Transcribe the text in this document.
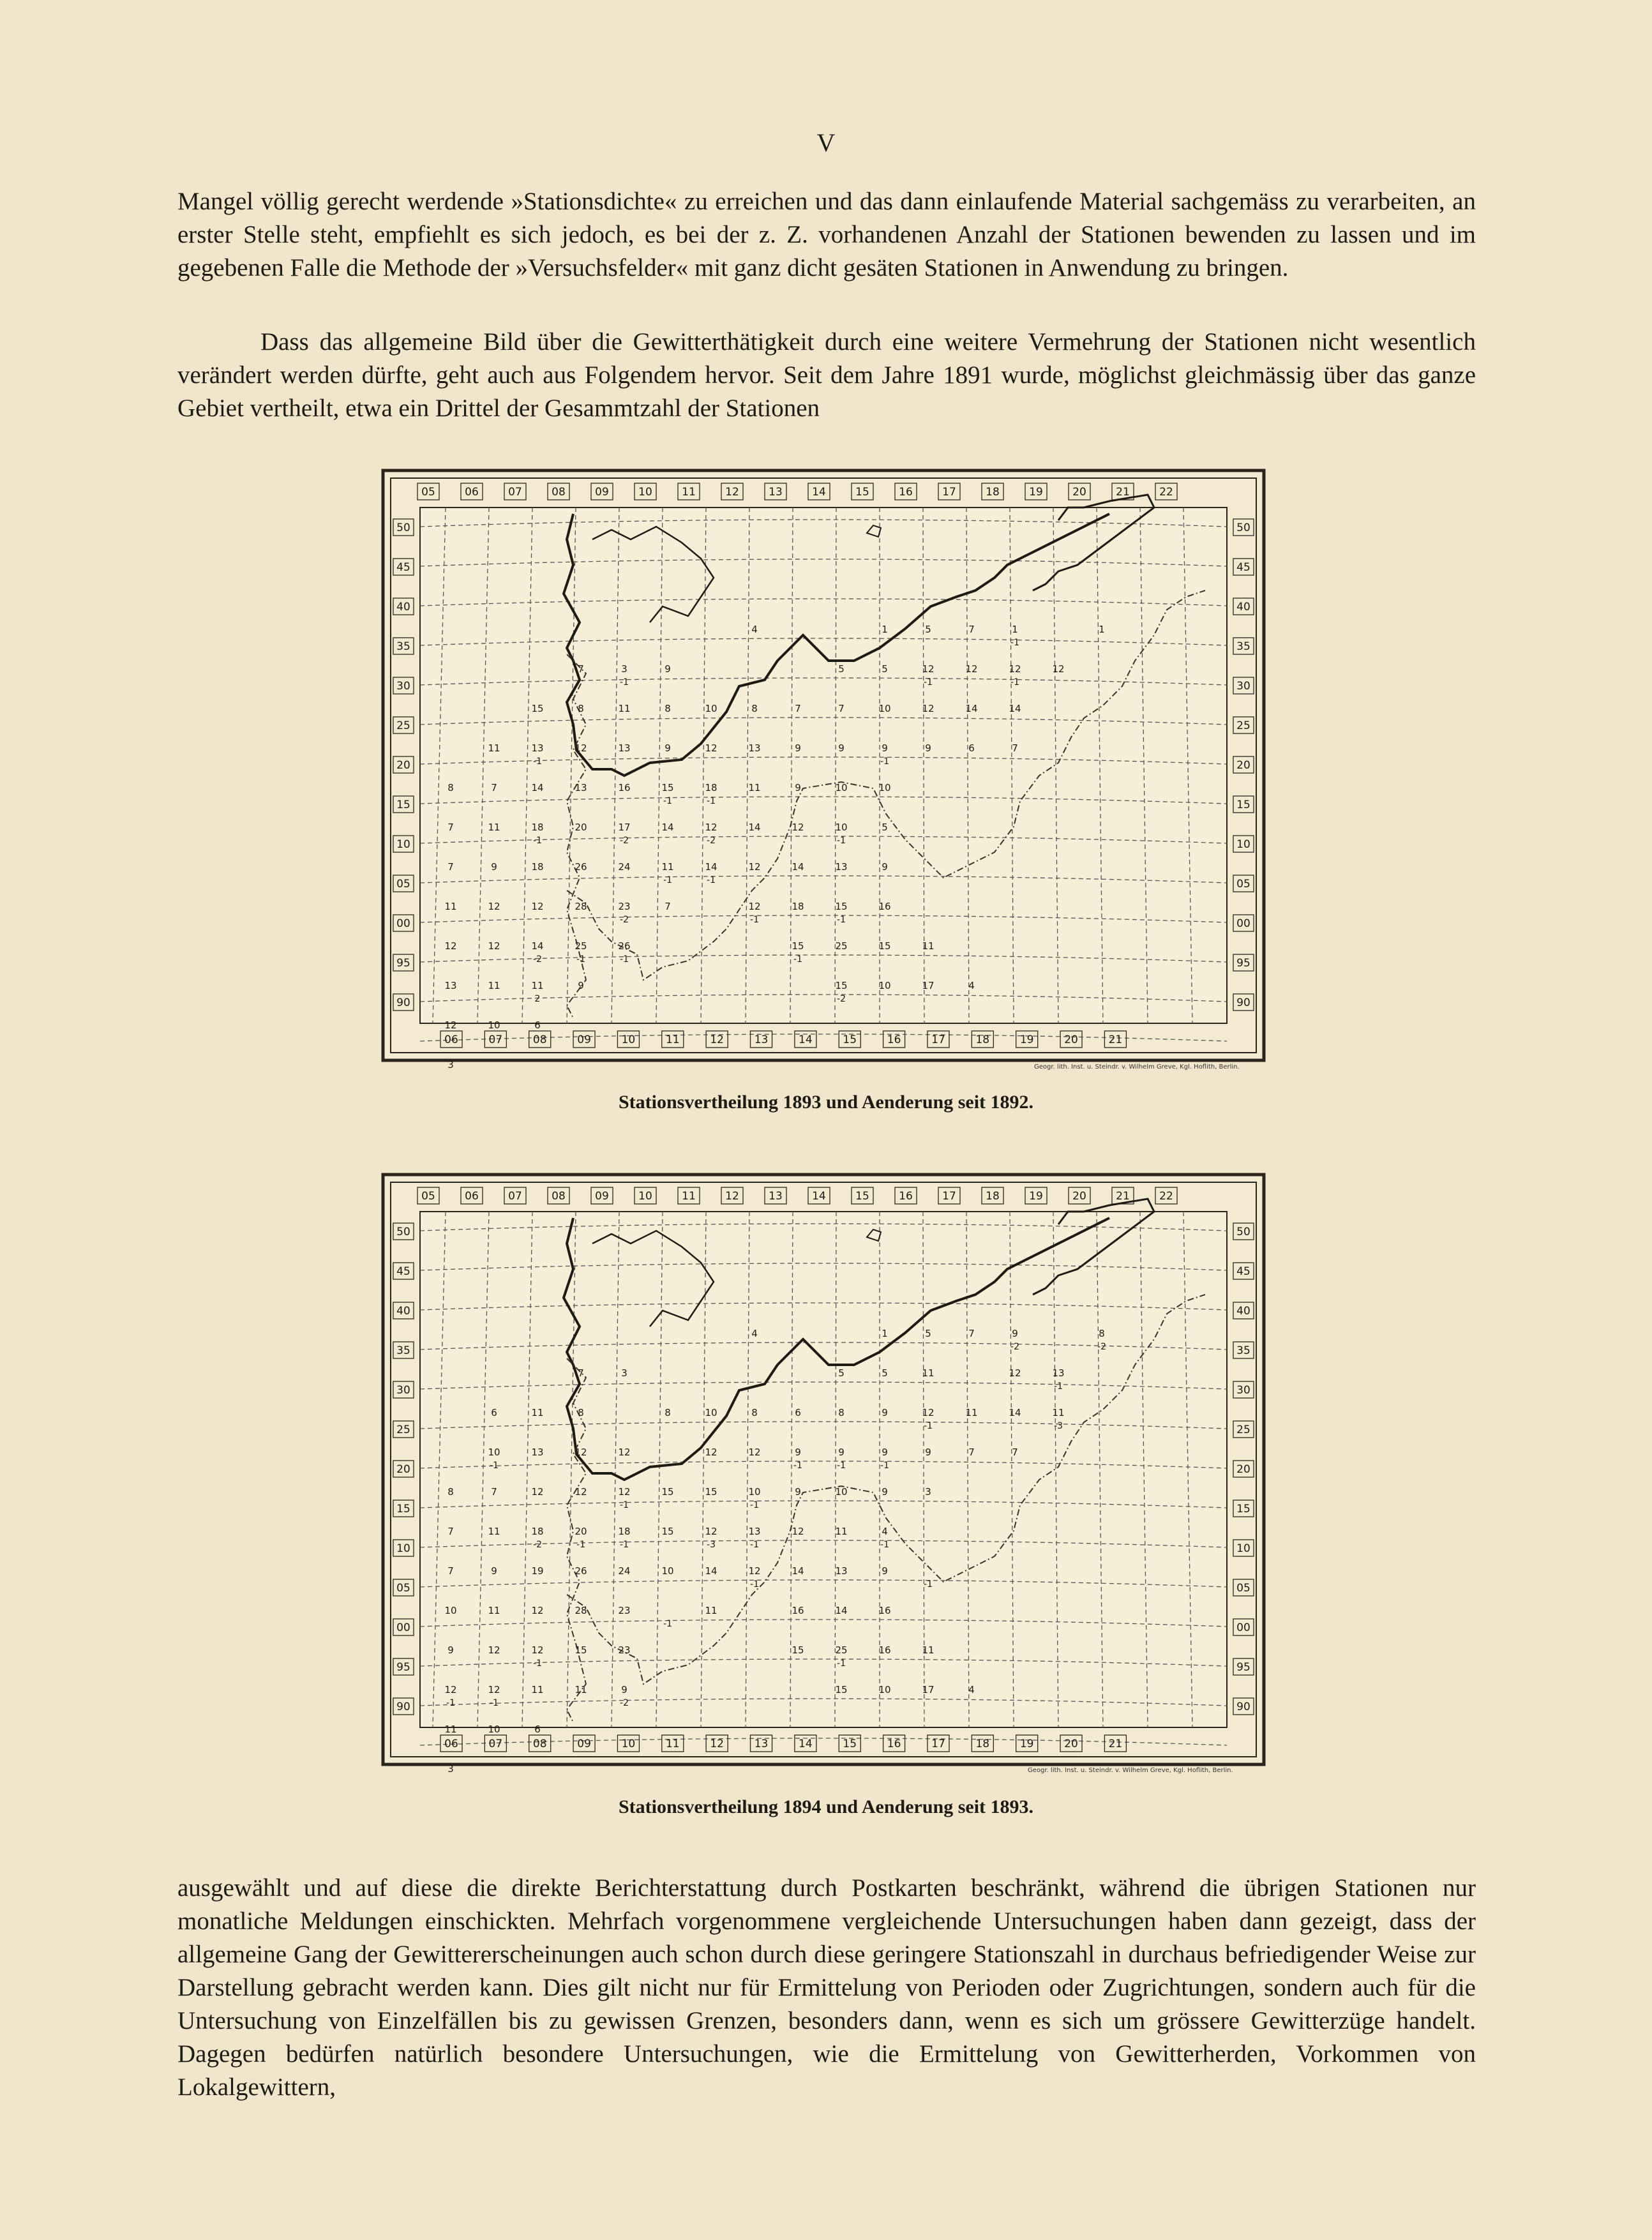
V

Mangel völlig gerecht werdende »Stationsdichte« zu erreichen und das dann einlaufende Material sachgemäss zu verarbeiten, an erster Stelle steht, empfiehlt es sich jedoch, es bei der z. Z. vorhandenen Anzahl der Stationen bewenden zu lassen und im gegebenen Falle die Methode der »Versuchsfelder« mit ganz dicht gesäten Stationen in Anwendung zu bringen.

Dass das allgemeine Bild über die Gewitterthätigkeit durch eine weitere Vermehrung der Stationen nicht wesentlich verändert werden dürfte, geht auch aus Folgendem hervor. Seit dem Jahre 1891 wurde, möglichst gleichmässig über das ganze Gebiet vertheilt, etwa ein Drittel der Gesammtzahl der Stationen

05	06	07	08	09	10	11	12	13	14	15	16	17	18	19	20	21	22
06	07	08	09	10	11	12	13	14	15	16	17	18	19	20	21
50
45
40
35
30
25
20
15
10
05
00
95
90
50
45
40
35
30
25
20
15
10
05
00
95
90
4	1	5	7	1	1
7	3	9	5	5	12	12	12	12
15	8	11	8	10	8	7	7	10	12	14	14
11	13	12	13	9	12	13	9	9	9	9	6	7
8	7	14	13	16	15	18	11	9	10	10
7	11	18	20	17	14	12	14	12	10	5
7	9	18	26	24	11	14	12	14	13	9
11	12	12	28	23	7	12	18	15	16
12	12	14	25	26	15	25	15	11
13	11	11	9	15	10	17	4
12	10	6
3
-1
-1	-1	-1
-1	-1
-1	-1
-1	-2	-2	-1
-1	-1
-2	-1	-1
-2	-1	-1	-1
-2
2
Geogr. lith. Inst. u. Steindr. v. Wilhelm Greve, Kgl. Hoflith, Berlin.
Stationsvertheilung 1893 und Aenderung seit 1892.
05	06	07	08	09	10	11	12	13	14	15	16	17	18	19	20	21	22
06	07	08	09	10	11	12	13	14	15	16	17	18	19	20	21
50
45
40
35
30
25
20
15
10
05
00
95
90
50
45
40
35
30
25
20
15
10
05
00
95
90
4	1	5	7	9	8
7	3	5	5	11	12	13
6	11	8	8	10	8	6	8	9	12	11	14	11
10	13	12	12	12	12	9	9	9	9	7	7
8	7	12	12	12	15	15	10	9	10	9	3
7	11	18	20	18	15	12	13	12	11	4
7	9	19	26	24	10	14	12	14	13	9
10	11	12	28	23	11	16	14	16
9	12	12	15	23	15	25	16	11
12	12	11	11	9	15	10	17	4
11	10	6
3
-2	-2
-1
-1	-3
-1	-1	-1
-1
-1	-1
-2	-1	-1	-3	-1	-1
-1	-1
-1
-1	-1
-2
-1	-1
Geogr. lith. Inst. u. Steindr. v. Wilhelm Greve, Kgl. Hoflith, Berlin.
Stationsvertheilung 1894 und Aenderung seit 1893.

ausgewählt und auf diese die direkte Berichterstattung durch Postkarten beschränkt, während die übrigen Stationen nur monatliche Meldungen einschickten. Mehrfach vorgenommene vergleichende Untersuchungen haben dann gezeigt, dass der allgemeine Gang der Gewittererscheinungen auch schon durch diese geringere Stationszahl in durchaus befriedigender Weise zur Darstellung gebracht werden kann. Dies gilt nicht nur für Ermittelung von Perioden oder Zugrichtungen, sondern auch für die Untersuchung von Einzelfällen bis zu gewissen Grenzen, besonders dann, wenn es sich um grössere Gewitterzüge handelt. Dagegen bedürfen natürlich besondere Untersuchungen, wie die Ermittelung von Gewitterherden, Vorkommen von Lokalgewittern,
